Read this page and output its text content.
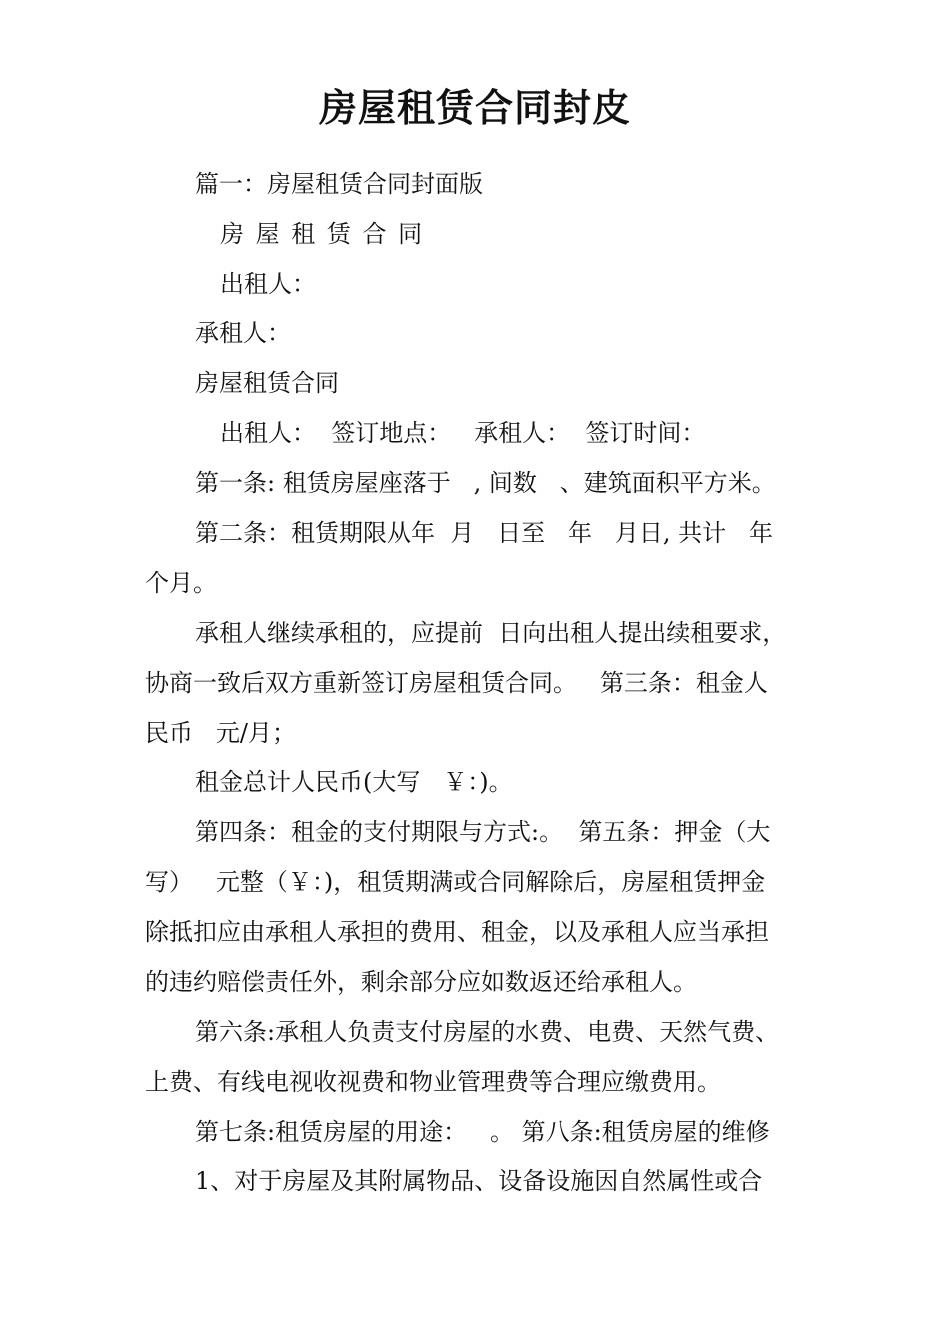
房屋租赁合同封皮
篇一：房屋租赁合同封面版
房 屋 租 赁 合 同
出租人：
承租人：
房屋租赁合同
出租人：  签订地点：   承租人：  签订时间：
第一条: 租赁房屋座落于   , 间数   、建筑面积平方米。
第二条：租赁期限从年  月   日至   年   月日, 共计   年
个月。
承租人继续承租的，应提前  日向出租人提出续租要求，
协商一致后双方重新签订房屋租赁合同。   第三条：租金人
民币   元/月；
租金总计人民币(大写   ￥：)。
第四条：租金的支付期限与方式:。  第五条：押金（大
写）   元整（￥：)，租赁期满或合同解除后，房屋租赁押金
除抵扣应由承租人承担的费用、租金，以及承租人应当承担
的违约赔偿责任外，剩余部分应如数返还给承租人。
第六条:承租人负责支付房屋的水费、电费、天然气费、
上费、有线电视收视费和物业管理费等合理应缴费用。
第七条:租赁房屋的用途：   。 第八条:租赁房屋的维修
1、对于房屋及其附属物品、设备设施因自然属性或合
